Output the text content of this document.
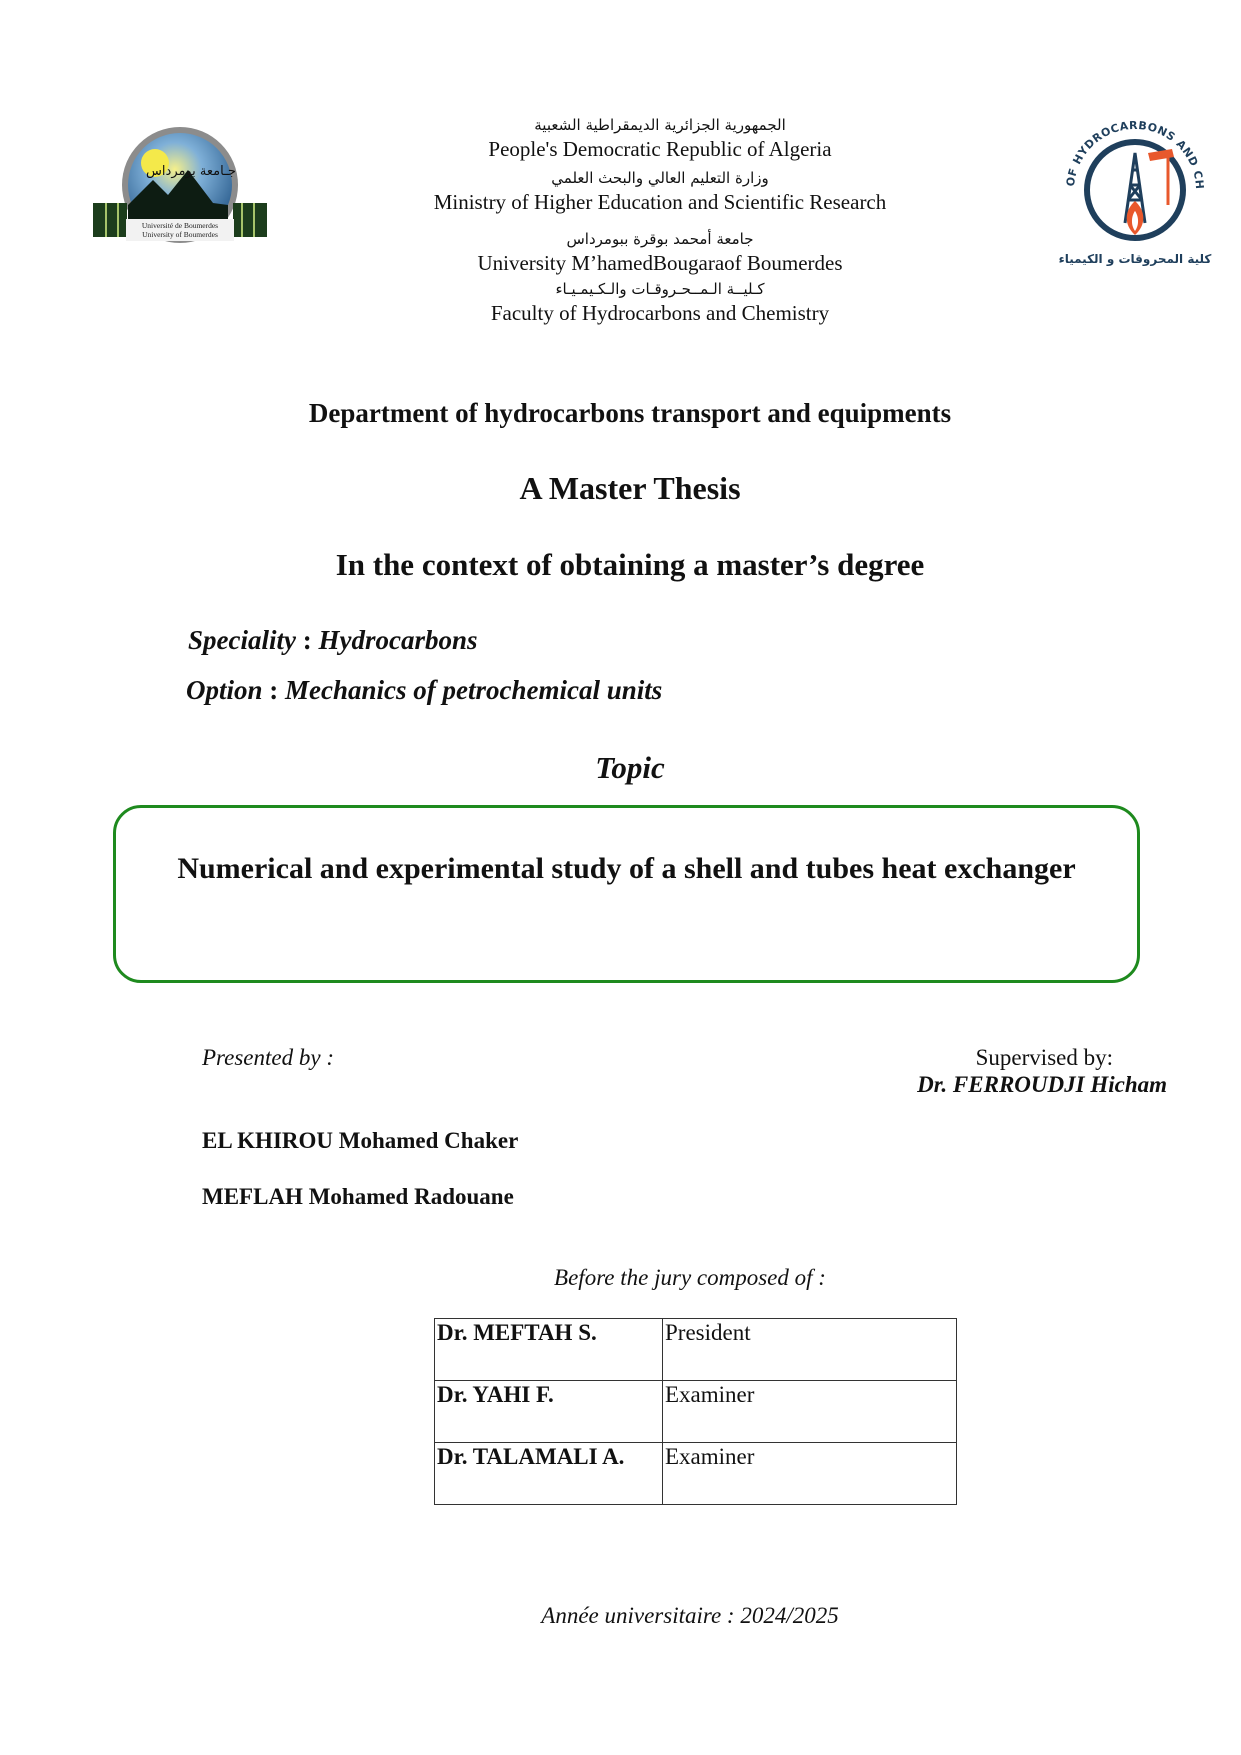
Université de Boumerdes
University of Boumerdes
جـامعة بومرداس
OF HYDROCARBONS AND CH
كلية المحروقات و الكيمياء
الجمهورية الجزائرية الديمقراطية الشعبية
People's Democratic Republic of Algeria
وزارة التعليم العالي والبحث العلمي
Ministry of Higher Education and Scientific Research
جامعة أمحمد بوقرة ببومرداس
University M’hamedBougaraof Boumerdes
كـليــة الـمــحـروقـات والـكـيمـيـاء
Faculty of Hydrocarbons and Chemistry
Department of hydrocarbons transport and equipments
A Master Thesis
In the context of obtaining a master’s degree
Speciality : Hydrocarbons
Option : Mechanics of petrochemical units
Topic
Numerical and experimental study of a shell and tubes heat exchanger
Presented by :	Supervised by:
Dr. FERROUDJI Hicham
EL KHIROU Mohamed Chaker
MEFLAH Mohamed Radouane
Before the jury composed of :
Dr. MEFTAH S.	President
Dr. YAHI F.	Examiner
Dr. TALAMALI A.	Examiner
Année universitaire : 2024/2025
